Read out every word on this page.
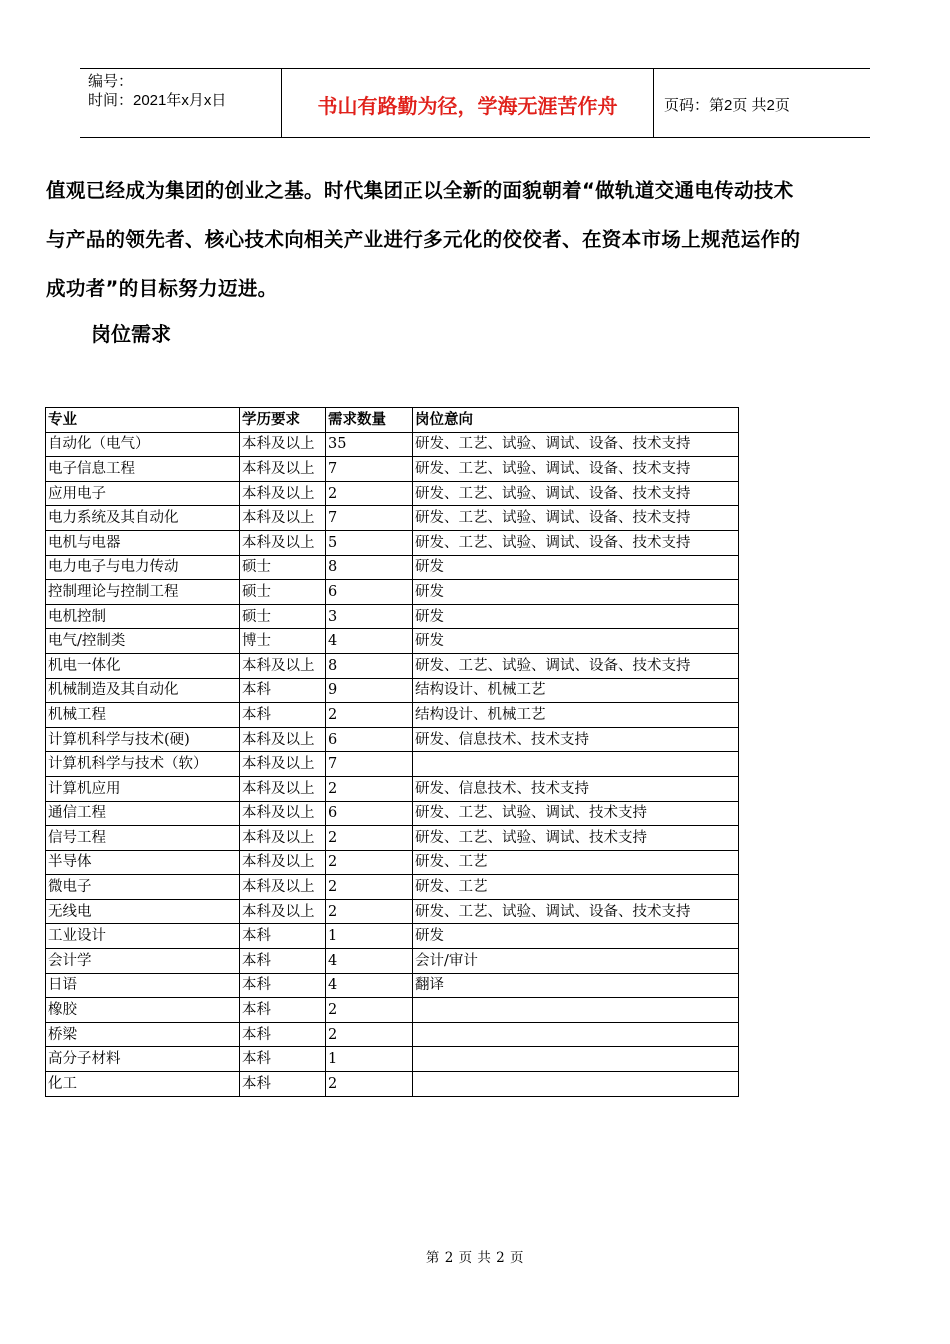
编号：
时间：2021年x月x日	书山有路勤为径，学海无涯苦作舟	页码：第2页 共2页
值观已经成为集团的创业之基。时代集团正以全新的面貌朝着“做轨道交通电传动技术
与产品的领先者、核心技术向相关产业进行多元化的佼佼者、在资本市场上规范运作的
成功者”的目标努力迈进。
岗位需求
专业	学历要求	需求数量	岗位意向
自动化（电气）	本科及以上	35	研发、工艺、试验、调试、设备、技术支持
电子信息工程	本科及以上	7	研发、工艺、试验、调试、设备、技术支持
应用电子	本科及以上	2	研发、工艺、试验、调试、设备、技术支持
电力系统及其自动化	本科及以上	7	研发、工艺、试验、调试、设备、技术支持
电机与电器	本科及以上	5	研发、工艺、试验、调试、设备、技术支持
电力电子与电力传动	硕士	8	研发
控制理论与控制工程	硕士	6	研发
电机控制	硕士	3	研发
电气/控制类	博士	4	研发
机电一体化	本科及以上	8	研发、工艺、试验、调试、设备、技术支持
机械制造及其自动化	本科	9	结构设计、机械工艺
机械工程	本科	2	结构设计、机械工艺
计算机科学与技术(硬)	本科及以上	6	研发、信息技术、技术支持
计算机科学与技术（软）	本科及以上	7	
计算机应用	本科及以上	2	研发、信息技术、技术支持
通信工程	本科及以上	6	研发、工艺、试验、调试、技术支持
信号工程	本科及以上	2	研发、工艺、试验、调试、技术支持
半导体	本科及以上	2	研发、工艺
微电子	本科及以上	2	研发、工艺
无线电	本科及以上	2	研发、工艺、试验、调试、设备、技术支持
工业设计	本科	1	研发
会计学	本科	4	会计/审计
日语	本科	4	翻译
橡胶	本科	2	
桥梁	本科	2	
高分子材料	本科	1	
化工	本科	2	
第 2 页 共 2 页
